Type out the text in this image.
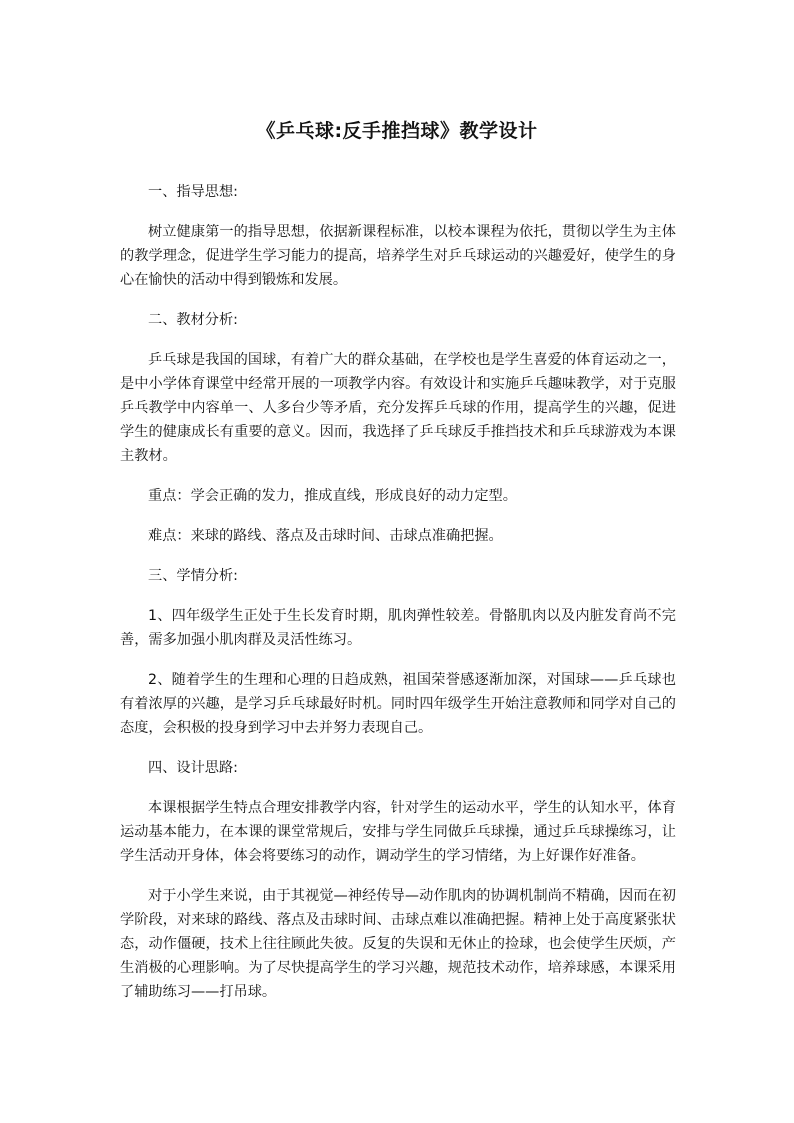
《乒乓球:反手推挡球》教学设计

一、指导思想:

树立健康第一的指导思想，依据新课程标准，以校本课程为依托，贯彻以学生为主体的教学理念，促进学生学习能力的提高，培养学生对乒乓球运动的兴趣爱好，使学生的身心在愉快的活动中得到锻炼和发展。

二、教材分析:

乒乓球是我国的国球，有着广大的群众基础，在学校也是学生喜爱的体育运动之一，是中小学体育课堂中经常开展的一项教学内容。有效设计和实施乒乓趣味教学，对于克服乒乓教学中内容单一、人多台少等矛盾，充分发挥乒乓球的作用，提高学生的兴趣，促进学生的健康成长有重要的意义。因而，我选择了乒乓球反手推挡技术和乒乓球游戏为本课主教材。

重点：学会正确的发力，推成直线，形成良好的动力定型。

难点：来球的路线、落点及击球时间、击球点准确把握。

三、学情分析:

1、四年级学生正处于生长发育时期，肌肉弹性较差。骨骼肌肉以及内脏发育尚不完善，需多加强小肌肉群及灵活性练习。

2、随着学生的生理和心理的日趋成熟，祖国荣誉感逐渐加深，对国球——乒乓球也有着浓厚的兴趣，是学习乒乓球最好时机。同时四年级学生开始注意教师和同学对自己的态度，会积极的投身到学习中去并努力表现自己。

四、设计思路:

本课根据学生特点合理安排教学内容，针对学生的运动水平，学生的认知水平，体育运动基本能力，在本课的课堂常规后，安排与学生同做乒乓球操，通过乒乓球操练习，让学生活动开身体，体会将要练习的动作，调动学生的学习情绪，为上好课作好准备。

对于小学生来说，由于其视觉—神经传导—动作肌肉的协调机制尚不精确，因而在初学阶段，对来球的路线、落点及击球时间、击球点难以准确把握。精神上处于高度紧张状态，动作僵硬，技术上往往顾此失彼。反复的失误和无休止的捡球，也会使学生厌烦，产生消极的心理影响。为了尽快提高学生的学习兴趣，规范技术动作，培养球感，本课采用了辅助练习——打吊球。
